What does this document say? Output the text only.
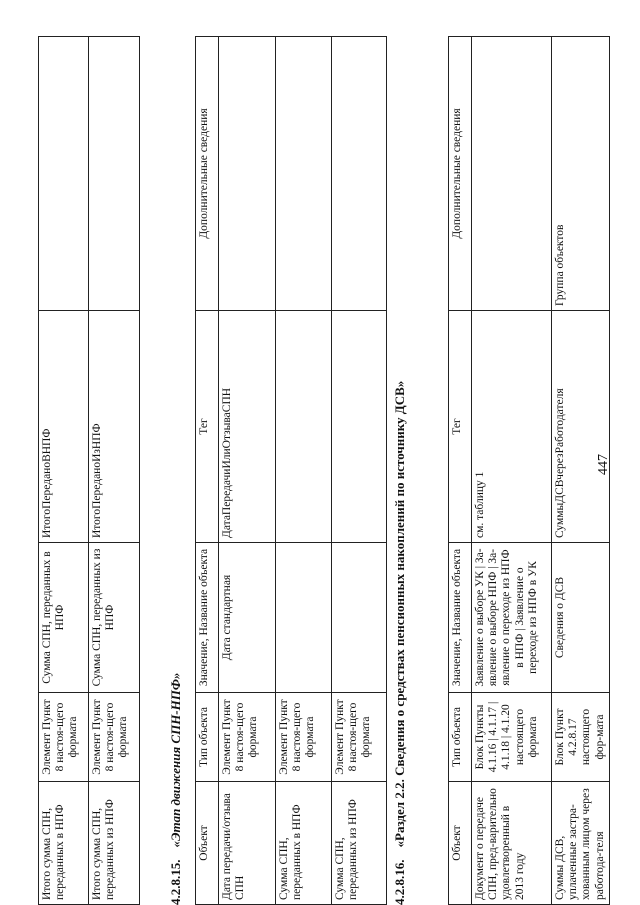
447
Итого сумма СПН, переданных в НПФ	Элемент Пункт 8 настоя-щего формата	Сумма СПН, переданных в НПФ	ИтогоПереданоВНПФ	
Итого сумма СПН, переданных из НПФ	Элемент Пункт 8 настоя-щего формата	Сумма СПН, переданных из НПФ	ИтогоПереданоИзНПФ	
4.2.8.15.«Этап движения СПН-НПФ» Объект	Тип объекта	Значение, Название объекта	Тег	Дополнительные сведения
Дата передачи/отзыва СПН	Элемент Пункт 8 настоя-щего формата	Дата стандартная	ДатаПередачиИлиОтзываСПН	
Сумма СПН, переданных в НПФ	Элемент Пункт 8 настоя-щего формата			
Сумма СПН, переданных из НПФ	Элемент Пункт 8 настоя-щего формата			
4.2.8.16.«Раздел 2.2. Сведения о средствах пенсионных накоплений по источнику ДСВ»	Объект	Тип объекта	Значение, Название объекта	Тег	Дополнительные сведения
Документ о передаче СПН, пред-варительно удовлетворенный в 2013 году	Блок Пункты 4.1.16 | 4.1.17 | 4.1.18 | 4.1.20 настоящего формата	Заявление о выборе УК | За-явление о выборе НПФ | За-явление о переходе из НПФ в НПФ | Заявление о переходе из НПФ в УК	см. таблицу 1	
Суммы ДСВ, уплаченные застра-хованным лицом через работода-теля	Блок Пункт 4.2.8.17 настоящего фор-мата	Сведения о ДСВ	СуммыДСВчерезРаботодателя	Группа объектов
